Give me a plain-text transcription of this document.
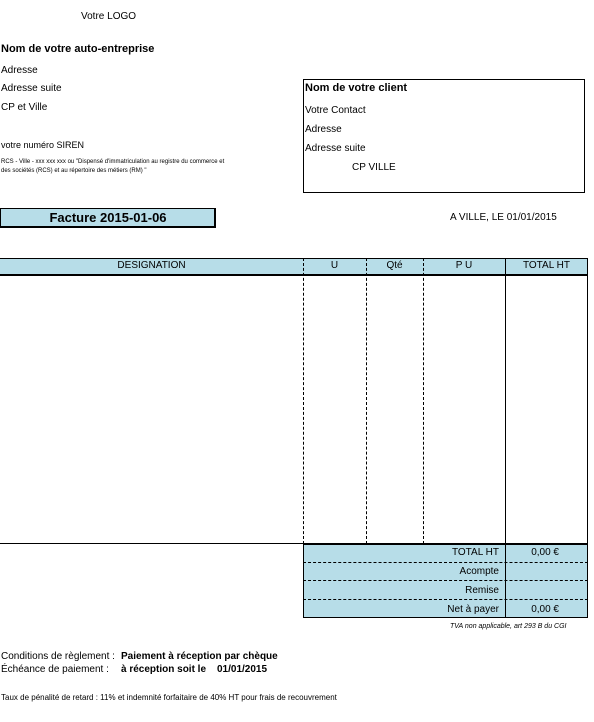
Votre LOGO
Nom de votre auto-entreprise
Adresse
Adresse suite
CP et Ville
votre numéro SIREN
RCS - Ville - xxx xxx xxx ou "Dispensé d'immatriculation au registre du commerce et des sociétés (RCS) et au répertoire des métiers (RM) "
Nom de votre client
Votre Contact
Adresse
Adresse suite
CP VILLE
Facture 2015-01-06	A VILLE, LE 01/01/2015
DESIGNATION	U	Qté	P U	TOTAL HT
TOTAL HT	0,00 €
Acompte
Remise
Net à payer	0,00 €
TVA non applicable, art 293 B du CGI
Conditions de règlement : Paiement à réception par chèque
Échéance de paiement : à réception soit le 01/01/2015
Taux de pénalité de retard : 11% et indemnité forfaitaire de 40% HT pour frais de recouvrement
